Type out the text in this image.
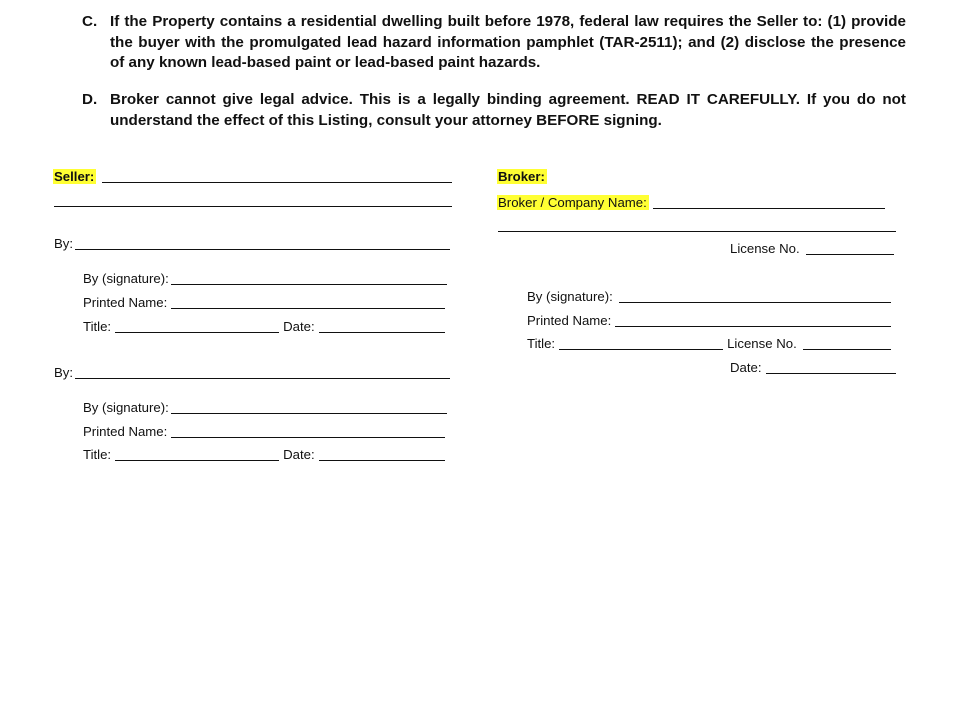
C. If the Property contains a residential dwelling built before 1978, federal law requires the Seller to: (1) provide the buyer with the promulgated lead hazard information pamphlet (TAR-2511); and (2) disclose the presence of any known lead-based paint or lead-based paint hazards.
D. Broker cannot give legal advice. This is a legally binding agreement. READ IT CAREFULLY. If you do not understand the effect of this Listing, consult your attorney BEFORE signing.
Seller:
By:
By (signature):
Printed Name:
Title:	Date:
By:
By (signature):
Printed Name:
Title:	Date:
Broker:
Broker / Company Name:
License No.
By (signature):
Printed Name:
Title:	License No.
Date:
